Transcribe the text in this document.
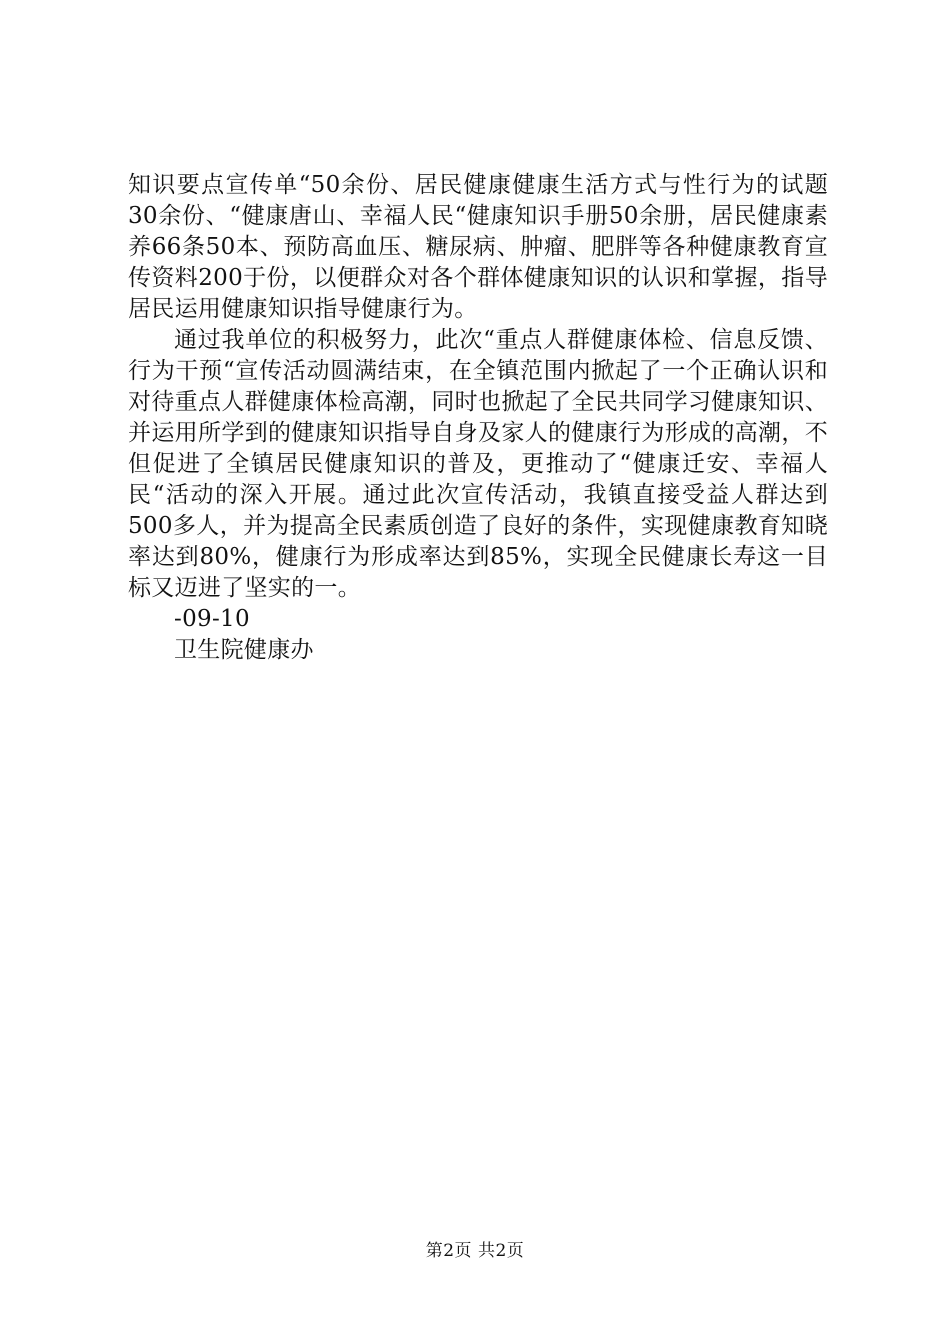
知识要点宣传单“50余份、居民健康健康生活方式与性行为的试题30余份、“健康唐山、幸福人民“健康知识手册50余册，居民健康素养66条50本、预防高血压、糖尿病、肿瘤、肥胖等各种健康教育宣传资料200于份，以便群众对各个群体健康知识的认识和掌握，指导居民运用健康知识指导健康行为。

通过我单位的积极努力，此次“重点人群健康体检、信息反馈、行为干预“宣传活动圆满结束，在全镇范围内掀起了一个正确认识和对待重点人群健康体检高潮，同时也掀起了全民共同学习健康知识、并运用所学到的健康知识指导自身及家人的健康行为形成的高潮，不但促进了全镇居民健康知识的普及，更推动了“健康迁安、幸福人民“活动的深入开展。通过此次宣传活动，我镇直接受益人群达到500多人，并为提高全民素质创造了良好的条件，实现健康教育知晓率达到80%，健康行为形成率达到85%，实现全民健康长寿这一目标又迈进了坚实的一。

-09-10

卫生院健康办

第2页 共2页
